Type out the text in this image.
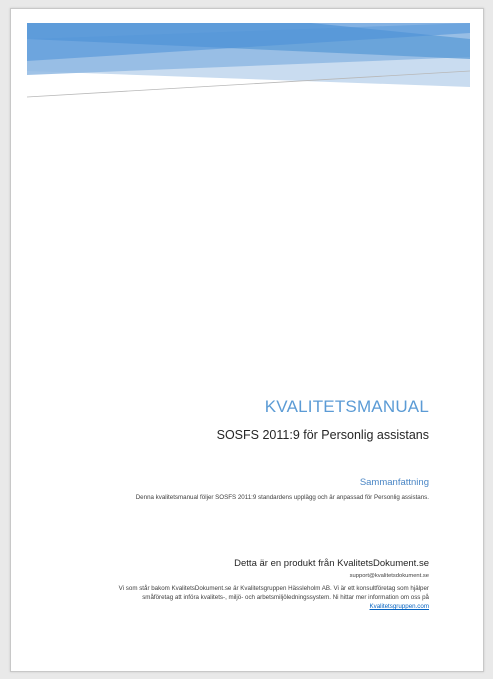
KVALITETSMANUAL
SOSFS 2011:9 för Personlig assistans
Sammanfattning
Denna kvalitetsmanual följer SOSFS 2011:9 standardens upplägg och är anpassad för Personlig assistans.
Detta är en produkt från KvalitetsDokument.se
support@kvalitetsdokument.se
Vi som står bakom KvalitetsDokument.se är Kvalitetsgruppen Hässleholm AB. Vi är ett konsultföretag som hjälper småföretag att införa kvalitets-, miljö- och arbetsmiljöledningssystem. Ni hittar mer information om oss på Kvalitetsgruppen.com
